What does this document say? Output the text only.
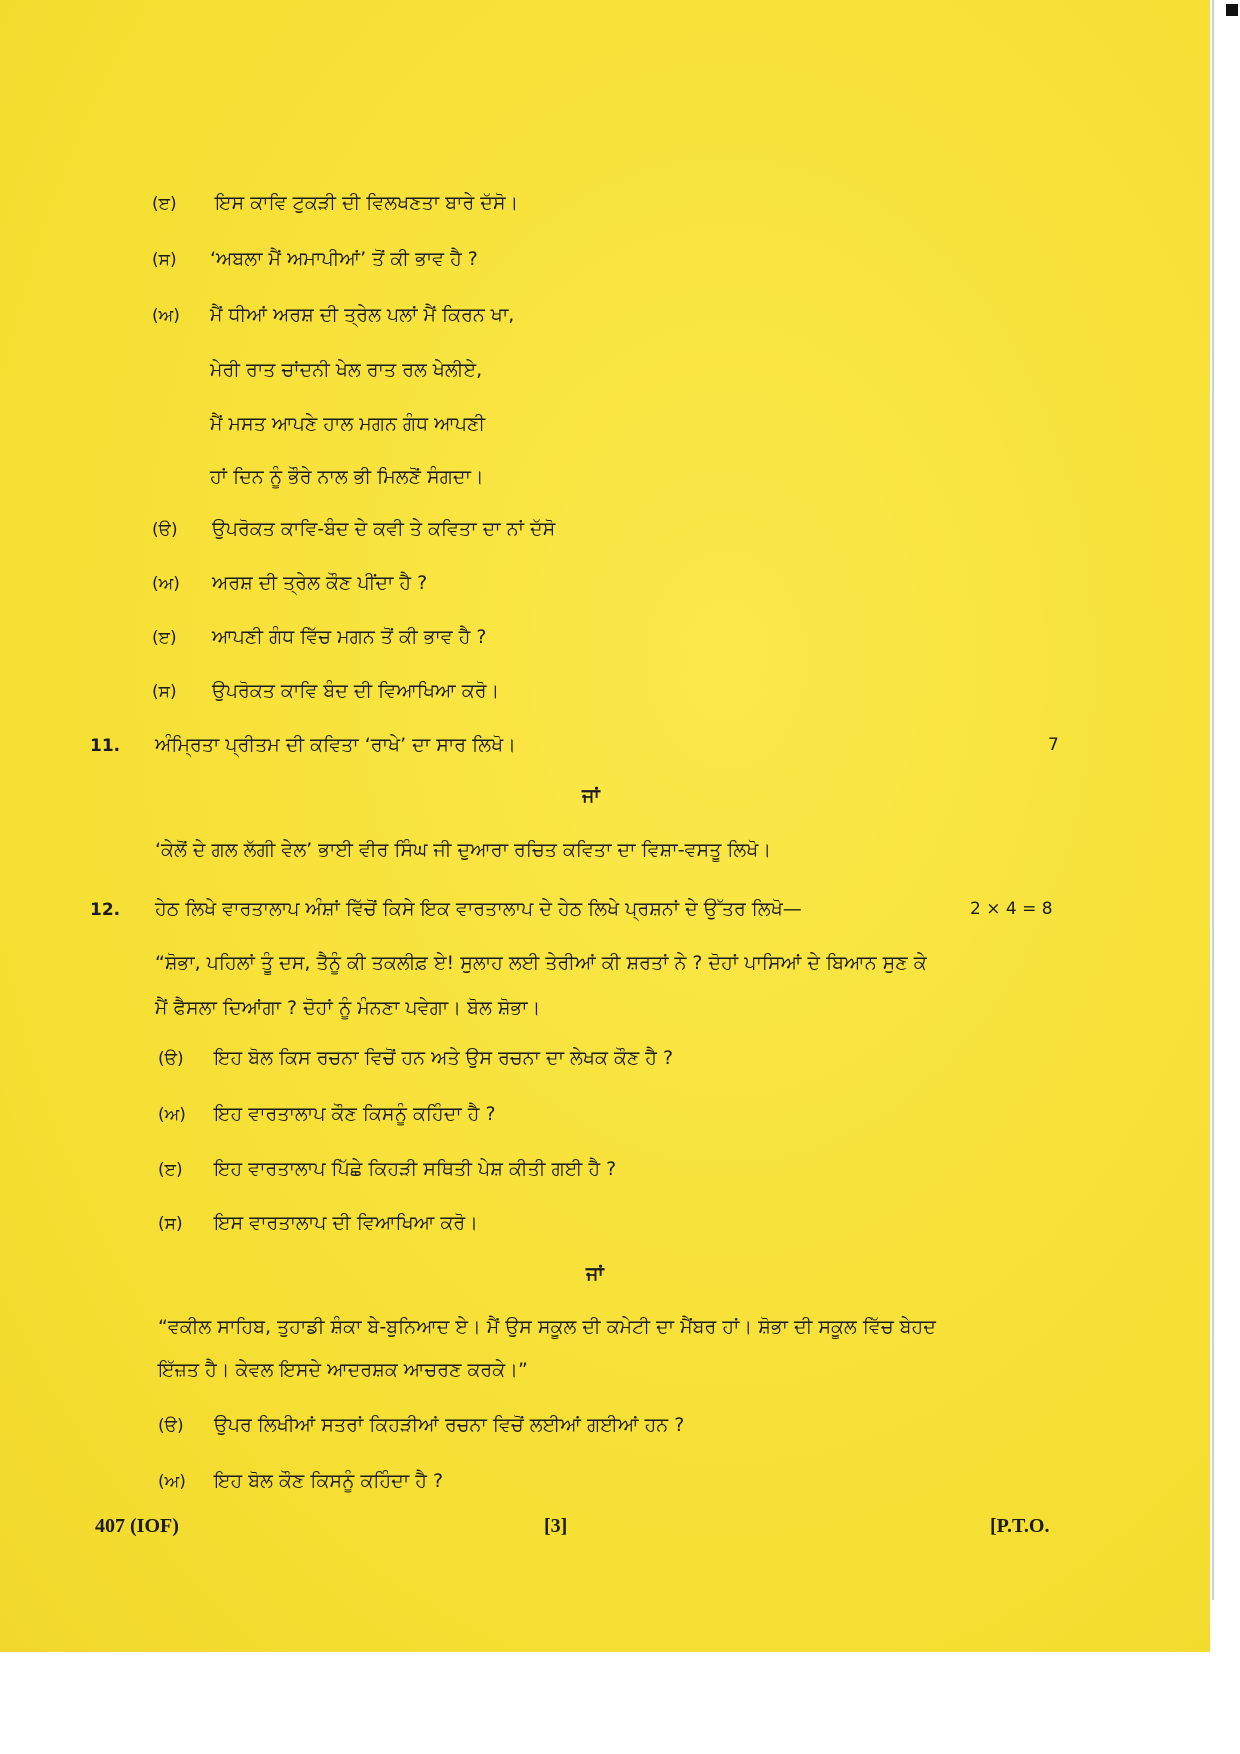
(ੲ) ਇਸ ਕਾਵਿ ਟੁਕੜੀ ਦੀ ਵਿਲਖਣਤਾ ਬਾਰੇ ਦੱਸੋ।
(ਸ) ‘ਅਬਲਾ ਮੈਂ ਅਮਾਪੀਆਂ’ ਤੋਂ ਕੀ ਭਾਵ ਹੈ ?
(ਅ) ਮੈਂ ਧੀਆਂ ਅਰਸ਼ ਦੀ ਤ੍ਰੇਲ ਪਲਾਂ ਮੈਂ ਕਿਰਨ ਖਾ,
ਮੇਰੀ ਰਾਤ ਚਾਂਦਨੀ ਖੇਲ ਰਾਤ ਰਲ ਖੇਲੀਏ,
ਮੈਂ ਮਸਤ ਆਪਣੇ ਹਾਲ ਮਗਨ ਗੰਧ ਆਪਣੀ
ਹਾਂ ਦਿਨ ਨੂੰ ਭੌਰੇ ਨਾਲ ਭੀ ਮਿਲਣੋਂ ਸੰਗਦਾ।
(ੳ) ਉਪਰੋਕਤ ਕਾਵਿ-ਬੰਦ ਦੇ ਕਵੀ ਤੇ ਕਵਿਤਾ ਦਾ ਨਾਂ ਦੱਸੋ
(ਅ) ਅਰਸ਼ ਦੀ ਤ੍ਰੇਲ ਕੌਣ ਪੀਂਦਾ ਹੈ ?
(ੲ) ਆਪਣੀ ਗੰਧ ਵਿੱਚ ਮਗਨ ਤੋਂ ਕੀ ਭਾਵ ਹੈ ?
(ਸ) ਉਪਰੋਕਤ ਕਾਵਿ ਬੰਦ ਦੀ ਵਿਆਖਿਆ ਕਰੋ।
11. ਅੰਮ੍ਰਿਤਾ ਪ੍ਰੀਤਮ ਦੀ ਕਵਿਤਾ ‘ਰਾਖੇ’ ਦਾ ਸਾਰ ਲਿਖੋ।	7
ਜਾਂ
‘ਕੇਲੋਂ ਦੇ ਗਲ ਲੱਗੀ ਵੇਲ’ ਭਾਈ ਵੀਰ ਸਿੰਘ ਜੀ ਦੁਆਰਾ ਰਚਿਤ ਕਵਿਤਾ ਦਾ ਵਿਸ਼ਾ-ਵਸਤੂ ਲਿਖੋ।
12. ਹੇਠ ਲਿਖੇ ਵਾਰਤਾਲਾਪ ਅੰਸ਼ਾਂ ਵਿੱਚੋਂ ਕਿਸੇ ਇਕ ਵਾਰਤਾਲਾਪ ਦੇ ਹੇਠ ਲਿਖੇ ਪ੍ਰਸ਼ਨਾਂ ਦੇ ਉੱਤਰ ਲਿਖੋ—	2 × 4 = 8
“ਸ਼ੋਭਾ, ਪਹਿਲਾਂ ਤੂੰ ਦਸ, ਤੈਨੂੰ ਕੀ ਤਕਲੀਫ਼ ਏ! ਸੁਲਾਹ ਲਈ ਤੇਰੀਆਂ ਕੀ ਸ਼ਰਤਾਂ ਨੇ ? ਦੋਹਾਂ ਪਾਸਿਆਂ ਦੇ ਬਿਆਨ ਸੁਣ ਕੇ
ਮੈਂ ਫੈਸਲਾ ਦਿਆਂਗਾ ? ਦੋਹਾਂ ਨੂੰ ਮੰਨਣਾ ਪਵੇਗਾ। ਬੋਲ ਸ਼ੋਭਾ।
(ੳ) ਇਹ ਬੋਲ ਕਿਸ ਰਚਨਾ ਵਿਚੋਂ ਹਨ ਅਤੇ ਉਸ ਰਚਨਾ ਦਾ ਲੇਖਕ ਕੌਣ ਹੈ ?
(ਅ) ਇਹ ਵਾਰਤਾਲਾਪ ਕੌਣ ਕਿਸਨੂੰ ਕਹਿੰਦਾ ਹੈ ?
(ੲ) ਇਹ ਵਾਰਤਾਲਾਪ ਪਿੱਛੇ ਕਿਹੜੀ ਸਥਿਤੀ ਪੇਸ਼ ਕੀਤੀ ਗਈ ਹੈ ?
(ਸ) ਇਸ ਵਾਰਤਾਲਾਪ ਦੀ ਵਿਆਖਿਆ ਕਰੋ।
ਜਾਂ
“ਵਕੀਲ ਸਾਹਿਬ, ਤੁਹਾਡੀ ਸ਼ੰਕਾ ਬੇ-ਬੁਨਿਆਦ ਏ। ਮੈਂ ਉਸ ਸਕੂਲ ਦੀ ਕਮੇਟੀ ਦਾ ਮੈਂਬਰ ਹਾਂ। ਸ਼ੋਭਾ ਦੀ ਸਕੂਲ ਵਿੱਚ ਬੇਹਦ
ਇੱਜ਼ਤ ਹੈ। ਕੇਵਲ ਇਸਦੇ ਆਦਰਸ਼ਕ ਆਚਰਣ ਕਰਕੇ।”
(ੳ) ਉਪਰ ਲਿਖੀਆਂ ਸਤਰਾਂ ਕਿਹੜੀਆਂ ਰਚਨਾ ਵਿਚੋਂ ਲਈਆਂ ਗਈਆਂ ਹਨ ?
(ਅ) ਇਹ ਬੋਲ ਕੌਣ ਕਿਸਨੂੰ ਕਹਿੰਦਾ ਹੈ ?
407 (IOF)	[3]	[P.T.O.
